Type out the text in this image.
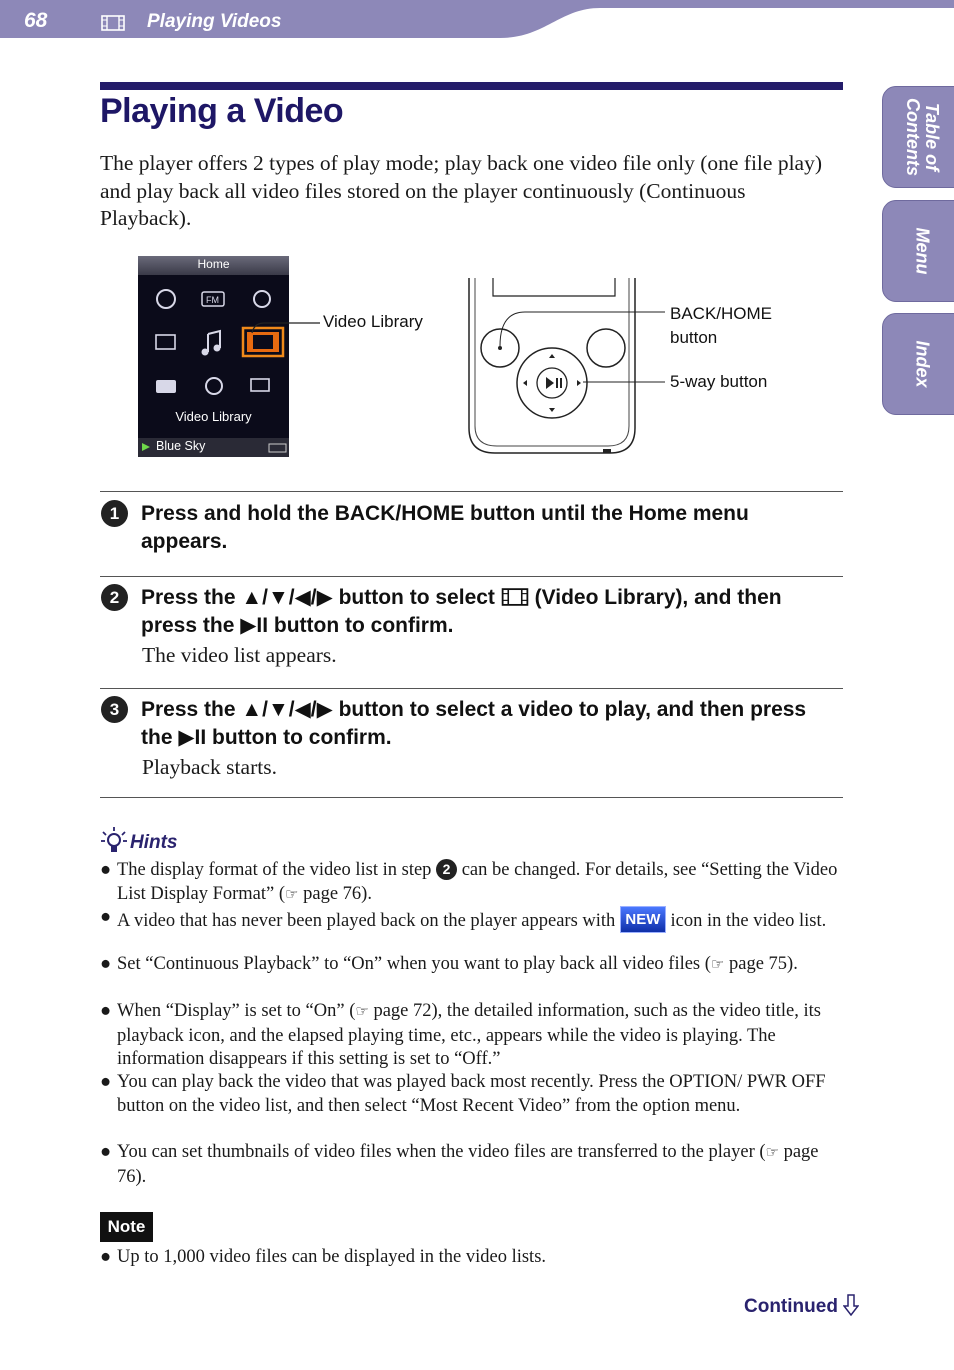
68	Playing Videos
Table of
Contents
Menu
Index
Playing a Video
The player offers 2 types of play mode; play back one video file only (one file play) and play back all video files stored on the player continuously (Continuous Playback).
Home
FM
Video Library
Blue Sky
Video Library	BACK/HOME
button
5-way button
1	Press and hold the BACK/HOME button until the Home menu appears.
2	Press the ▲/▼/◀/▶ button to select (Video Library), and then press the ▶II button to confirm.
The video list appears.
3	Press the ▲/▼/◀/▶ button to select a video to play, and then press the ▶II button to confirm.
Playback starts.
Hints
● The display format of the video list in step 2 can be changed. For details, see “Setting the Video List Display Format” (☞ page 76).
● A video that has never been played back on the player appears with NEW icon in the video list.
● Set “Continuous Playback” to “On” when you want to play back all video files (☞ page 75).
● When “Display” is set to “On” (☞ page 72), the detailed information, such as the video title, its playback icon, and the elapsed playing time, etc., appears while the video is playing. The information disappears if this setting is set to “Off.”
● You can play back the video that was played back most recently. Press the OPTION/ PWR OFF button on the video list, and then select “Most Recent Video” from the option menu.
● You can set thumbnails of video files when the video files are transferred to the player (☞ page 76).
Note
● Up to 1,000 video files can be displayed in the video lists.
Continued
